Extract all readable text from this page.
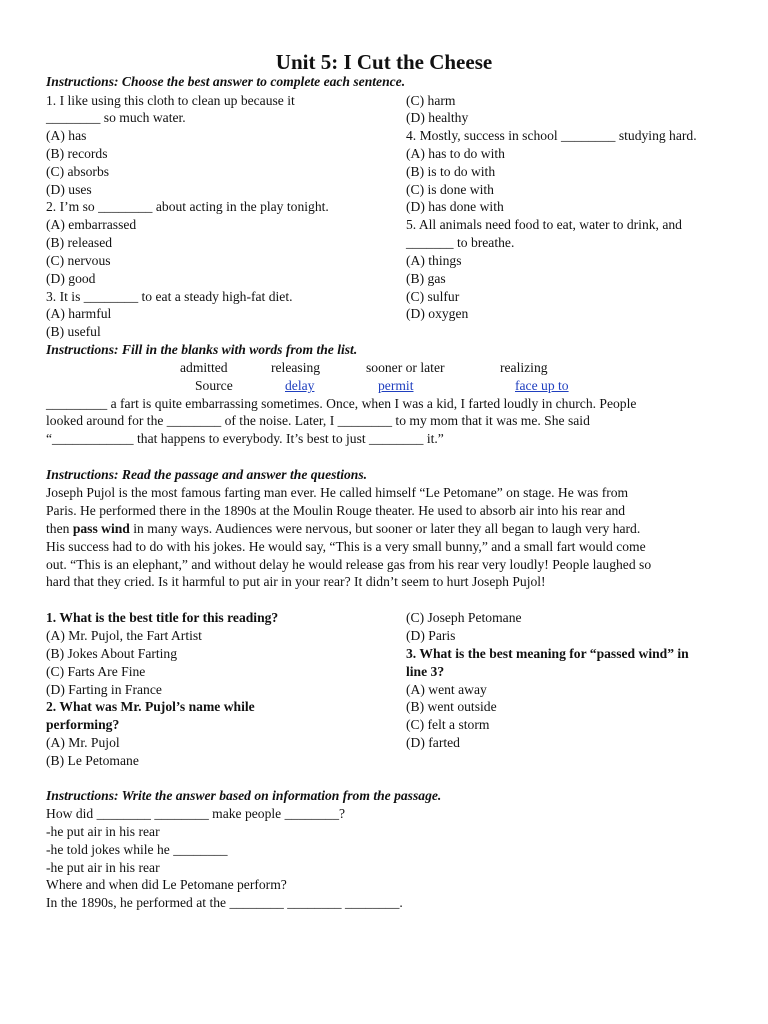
Unit 5: I Cut the Cheese
Instructions: Choose the best answer to complete each sentence.
1. I like using this cloth to clean up because it
________ so much water.
(A) has
(B) records
(C) absorbs
(D) uses
2. I’m so ________ about acting in the play tonight.
(A) embarrassed
(B) released
(C) nervous
(D) good
3. It is ________ to eat a steady high-fat diet.
(A) harmful
(B) useful
(C) harm
(D) healthy
4. Mostly, success in school ________ studying hard.
(A) has to do with
(B) is to do with
(C) is done with
(D) has done with
5. All animals need food to eat, water to drink, and
_______ to breathe.
(A) things
(B) gas
(C) sulfur
(D) oxygen
Instructions: Fill in the blanks with words from the list.
admitted	releasing	sooner or later	realizing
Source	delay	permit	face up to
_________ a fart is quite embarrassing sometimes. Once, when I was a kid, I farted loudly in church. People
looked around for the ________ of the noise. Later, I ________ to my mom that it was me. She said
“____________ that happens to everybody. It’s best to just ________ it.”
Instructions: Read the passage and answer the questions.
Joseph Pujol is the most famous farting man ever. He called himself “Le Petomane” on stage. He was from
Paris. He performed there in the 1890s at the Moulin Rouge theater. He used to absorb air into his rear and
then pass wind in many ways. Audiences were nervous, but sooner or later they all began to laugh very hard.
His success had to do with his jokes. He would say, “This is a very small bunny,” and a small fart would come
out. “This is an elephant,” and without delay he would release gas from his rear very loudly! People laughed so
hard that they cried. Is it harmful to put air in your rear? It didn’t seem to hurt Joseph Pujol!
1. What is the best title for this reading?
(A) Mr. Pujol, the Fart Artist
(B) Jokes About Farting
(C) Farts Are Fine
(D) Farting in France
2. What was Mr. Pujol’s name while
performing?
(A) Mr. Pujol
(B) Le Petomane
(C) Joseph Petomane
(D) Paris
3. What is the best meaning for “passed wind” in
line 3?
(A) went away
(B) went outside
(C) felt a storm
(D) farted
Instructions: Write the answer based on information from the passage.
How did ________ ________ make people ________?
-he put air in his rear
-he told jokes while he ________
-he put air in his rear
Where and when did Le Petomane perform?
In the 1890s, he performed at the ________ ________ ________.
